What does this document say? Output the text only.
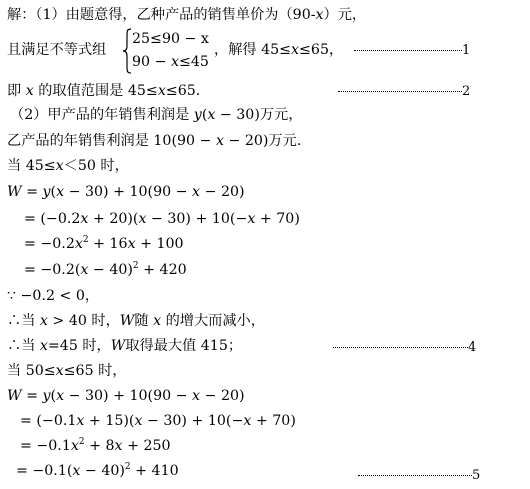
解：（1）由题意得，乙种产品的销售单价为（90-x）元，
且满足不等式组
25≤90 − x
90 − x≤45
，解得 45≤x≤65，	1
即 x 的取值范围是 45≤x≤65．	2
（2）甲产品的年销售利润是 y(x − 30)万元，
乙产品的年销售利润是 10(90 − x − 20)万元．
当 45≤x＜50 时，
W = y(x − 30) + 10(90 − x − 20)
= (−0.2x + 20)(x − 30) + 10(−x + 70)
= $-0.2x^2 + 16x + 100$
= $-0.2(x - 40)^2 + 420$
∵ −0.2 < 0，
∴当 x > 40 时，W随 x 的增大而减小，
∴当 x=45 时，W取得最大值 415；	4
当 50≤x≤65 时，
W = y(x − 30) + 10(90 − x − 20)
= (−0.1x + 15)(x − 30) + 10(−x + 70)
= $-0.1x^2 + 8x + 250$
= $-0.1(x - 40)^2 + 410$	5
